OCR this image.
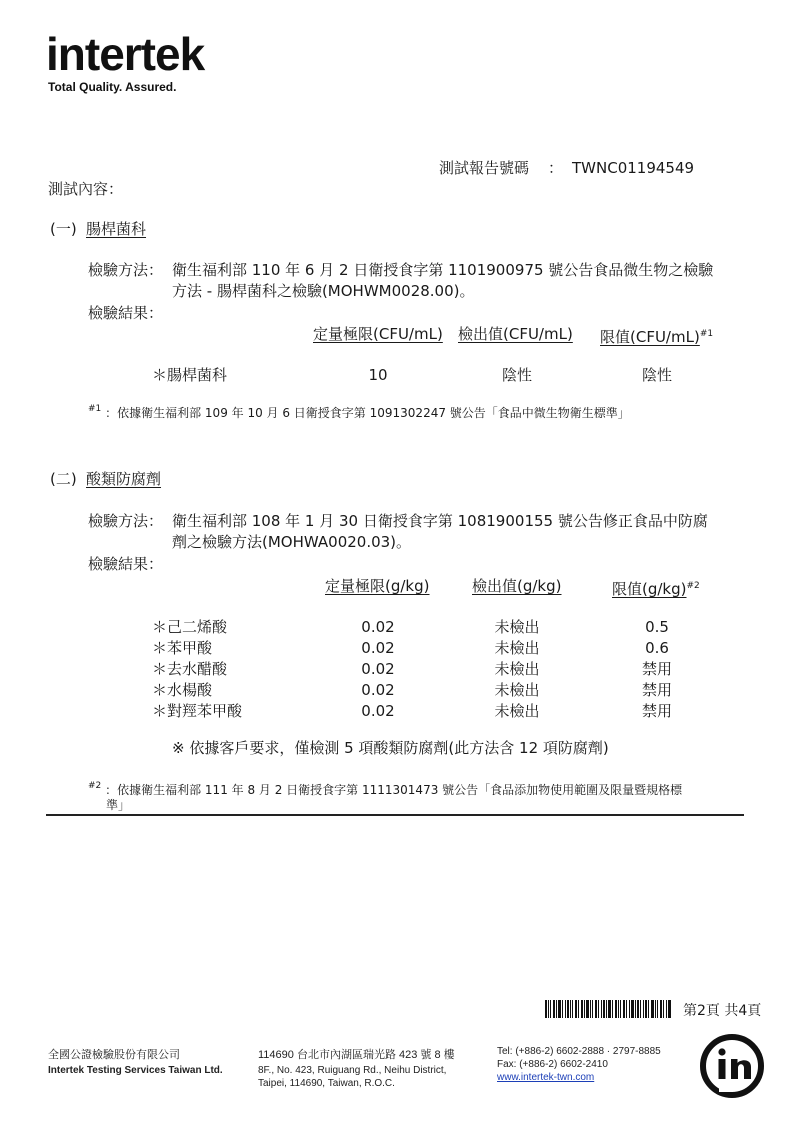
intertek
Total Quality. Assured.
測試報告號碼 ： TWNC01194549
測試內容：
(一) 腸桿菌科
檢驗方法： 衛生福利部 110 年 6 月 2 日衛授食字第 1101900975 號公告食品微生物之檢驗
方法 - 腸桿菌科之檢驗(MOHWM0028.00)。
檢驗結果：
定量極限(CFU/mL) 檢出值(CFU/mL) 限值$(CFU/mL)^{\#1}$
＊腸桿菌科	10	陰性	陰性
$^{\#1}$ ：依據衛生福利部 109 年 10 月 6 日衛授食字第 1091302247 號公告「食品中微生物衛生標準」
(二) 酸類防腐劑
檢驗方法： 衛生福利部 108 年 1 月 30 日衛授食字第 1081900155 號公告修正食品中防腐
劑之檢驗方法(MOHWA0020.03)。
檢驗結果：
定量極限(g/kg)	檢出值(g/kg)	限值$(g/kg)^{\#2}$
＊己二烯酸	0.02	未檢出	0.5
＊苯甲酸	0.02	未檢出	0.6
＊去水醋酸	0.02	未檢出	禁用
＊水楊酸	0.02	未檢出	禁用
＊對羥苯甲酸	0.02	未檢出	禁用
※ 依據客戶要求，僅檢測 5 項酸類防腐劑(此方法含 12 項防腐劑)
$^{\#2}$ ：依據衛生福利部 111 年 8 月 2 日衛授食字第 1111301473 號公告「食品添加物使用範圍及限量暨規格標
準」
第2頁 共4頁
全國公證檢驗股份有限公司
Intertek Testing Services Taiwan Ltd.
114690 台北市內湖區瑞光路 423 號 8 樓
8F., No. 423, Ruiguang Rd., Neihu District,
Taipei, 114690, Taiwan, R.O.C.
Tel: (+886-2) 6602-2888 · 2797-8885
Fax: (+886-2) 6602-2410
www.intertek-twn.com
